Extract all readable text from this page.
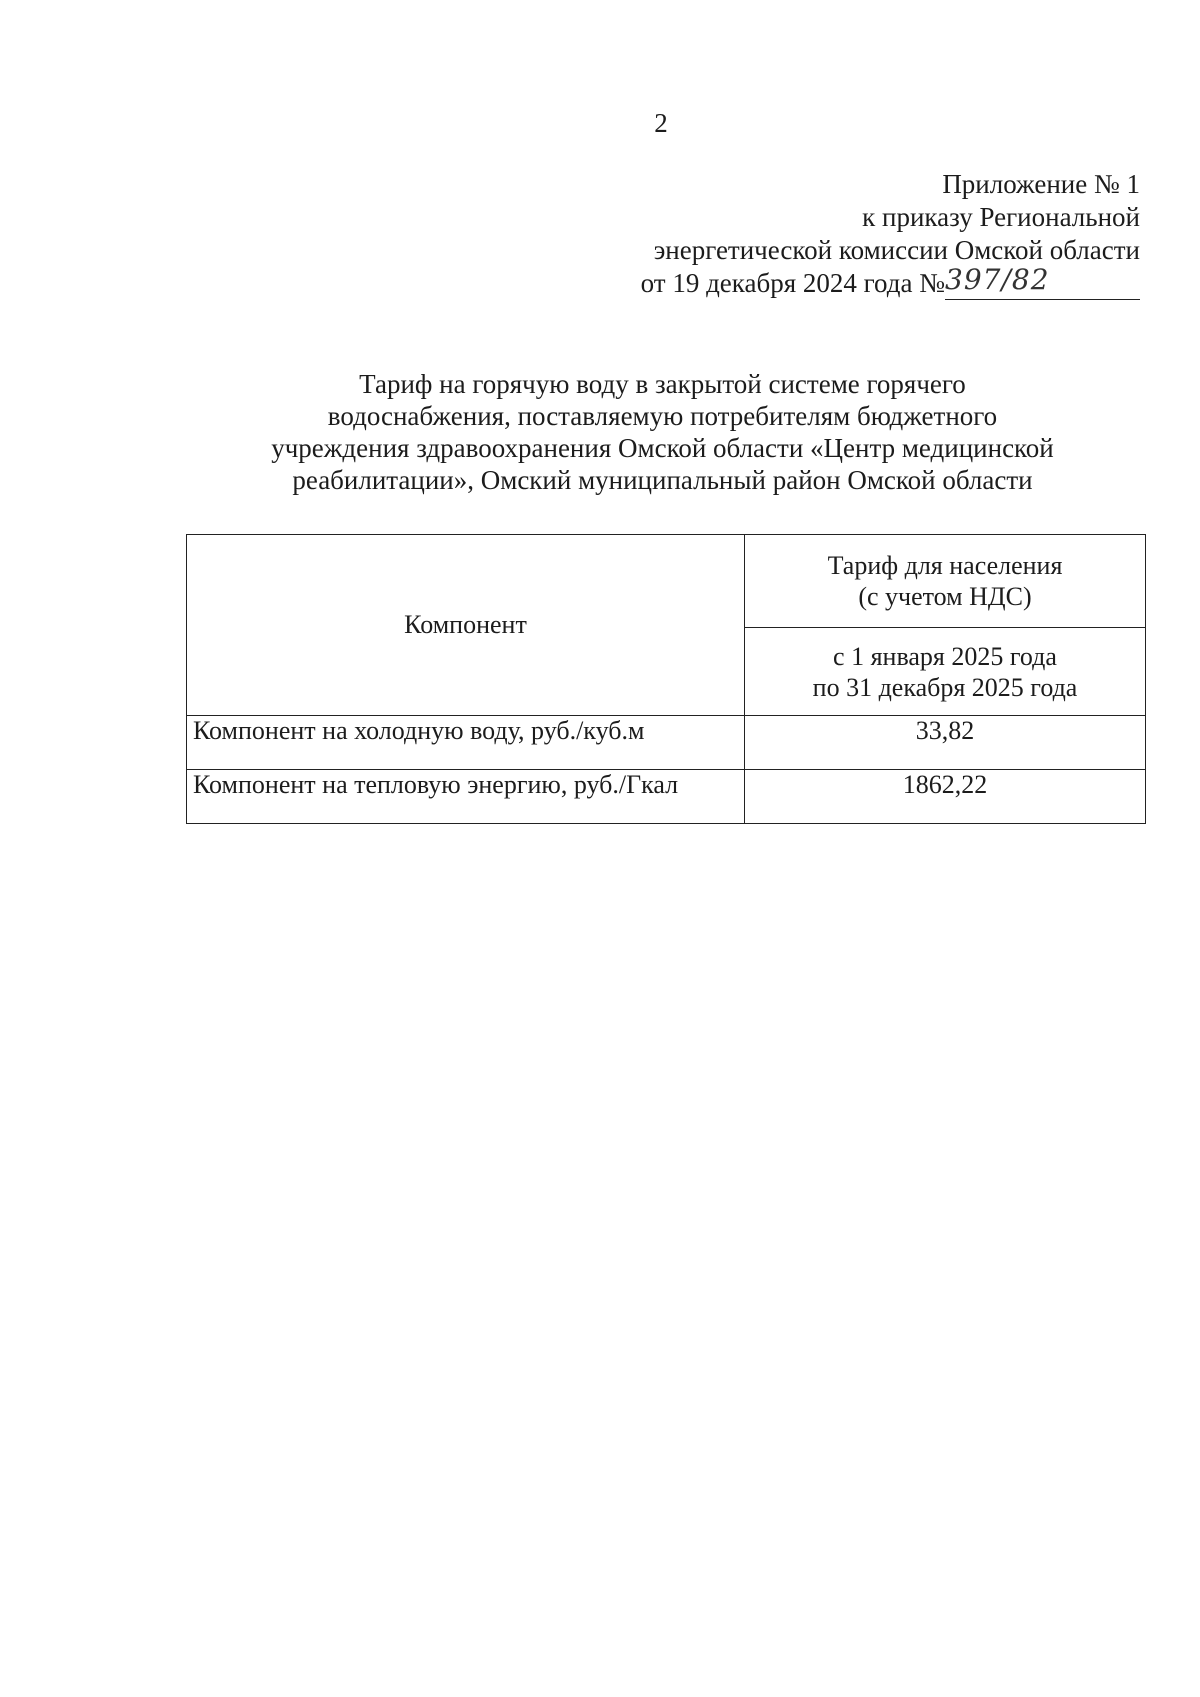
2
Приложение № 1
к приказу Региональной
энергетической комиссии Омской области
от 19 декабря 2024 года № 397/82
Тариф на горячую воду в закрытой системе горячего
водоснабжения, поставляемую потребителям бюджетного
учреждения здравоохранения Омской области «Центр медицинской
реабилитации», Омский муниципальный район Омской области
Компонент	Тариф для населения
(с учетом НДС)

	с 1 января 2025 года
по 31 декабря 2025 года

Компонент на холодную воду, руб./куб.м	33,82
Компонент на тепловую энергию, руб./Гкал	1862,22
